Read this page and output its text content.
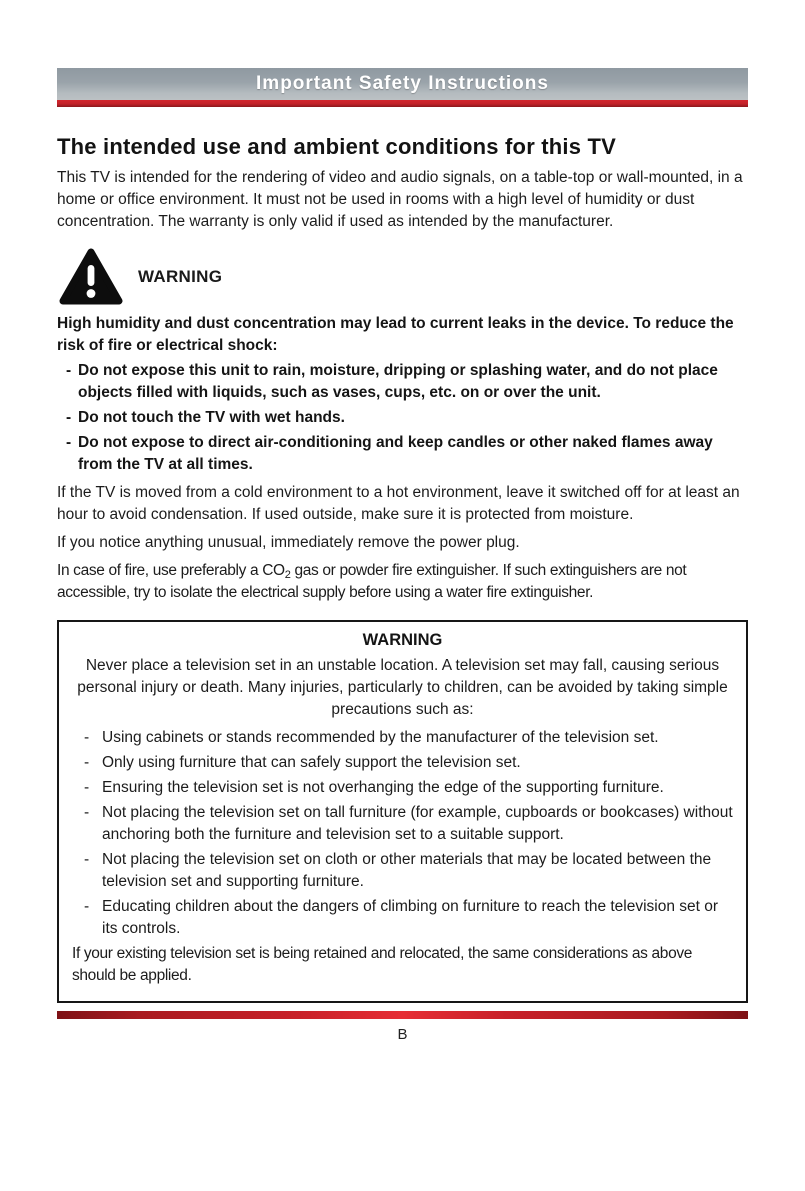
Important Safety Instructions
The intended use and ambient conditions for this TV

This TV is intended for the rendering of video and audio signals, on a table-top or wall-mounted, in a home or office environment. It must not be used in rooms with a high level of humidity or dust concentration. The warranty is only valid if used as intended by the manufacturer.

WARNING

High humidity and dust concentration may lead to current leaks in the device. To reduce the risk of fire or electrical shock:

- Do not expose this unit to rain, moisture, dripping or splashing water, and do not place objects filled with liquids, such as vases, cups, etc. on or over the unit.
- Do not touch the TV with wet hands.
- Do not expose to direct air-conditioning and keep candles or other naked flames away from the TV at all times.

If the TV is moved from a cold environment to a hot environment, leave it switched off for at least an hour to avoid condensation. If used outside, make sure it is protected from moisture.

If you notice anything unusual, immediately remove the power plug.

In case of fire, use preferably a $CO_2$ gas or powder fire extinguisher. If such extinguishers are not accessible, try to isolate the electrical supply before using a water fire extinguisher.

WARNING

Never place a television set in an unstable location. A television set may fall, causing serious personal injury or death. Many injuries, particularly to children, can be avoided by taking simple precautions such as:

- Using cabinets or stands recommended by the manufacturer of the television set.
- Only using furniture that can safely support the television set.
- Ensuring the television set is not overhanging the edge of the supporting furniture.
- Not placing the television set on tall furniture (for example, cupboards or bookcases) without anchoring both the furniture and television set to a suitable support.
- Not placing the television set on cloth or other materials that may be located between the television set and supporting furniture.
- Educating children about the dangers of climbing on furniture to reach the television set or its controls.

If your existing television set is being retained and relocated, the same considerations as above should be applied.

B
